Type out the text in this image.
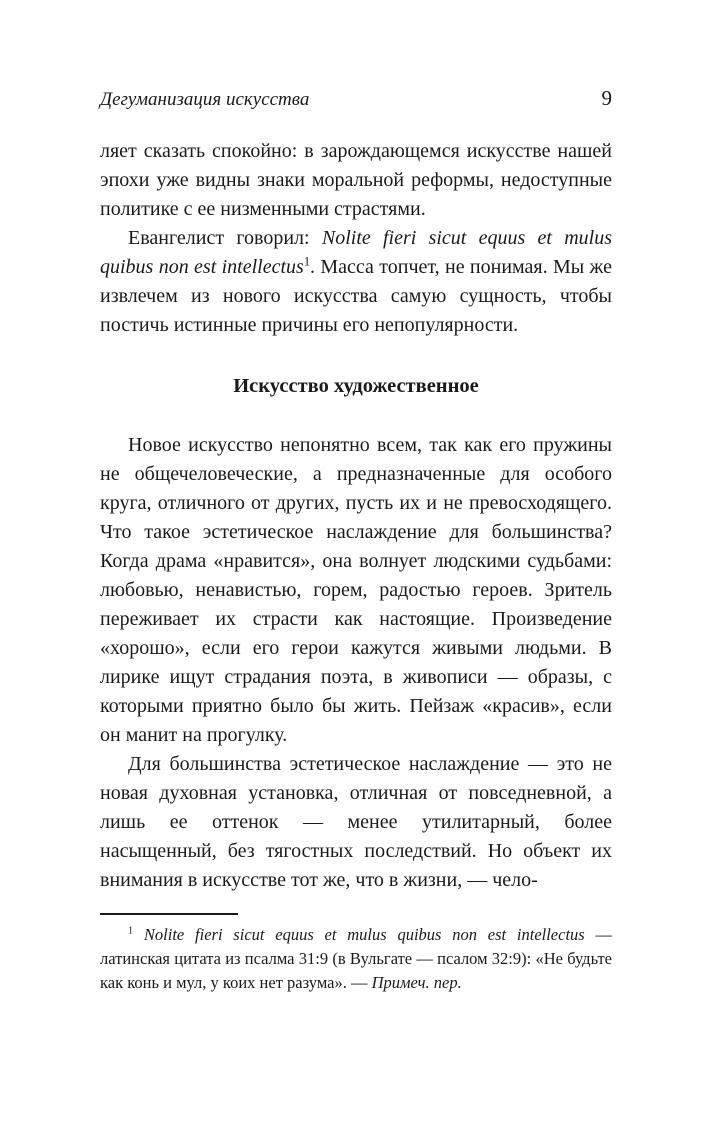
Дегуманизация искусства	9

ляет сказать спокойно: в зарождающемся искусстве нашей эпохи уже видны знаки моральной реформы, недоступные политике с ее низменными страстями.

Евангелист говорил: Nolite fieri sicut equus et mulus quibus non est intellectus$^1$. Масса топчет, не понимая. Мы же извлечем из нового искусства самую сущность, чтобы постичь истинные причины его непопулярности.

Искусство художественное

Новое искусство непонятно всем, так как его пружины не общечеловеческие, а предназначенные для особого круга, отличного от других, пусть их и не превосходящего. Что такое эстетическое наслаждение для большинства? Когда драма «нравится», она волнует людскими судьбами: любовью, ненавистью, горем, радостью героев. Зритель переживает их страсти как настоящие. Произведение «хорошо», если его герои кажутся живыми людьми. В лирике ищут страдания поэта, в живописи — образы, с которыми приятно было бы жить. Пейзаж «красив», если он манит на прогулку.

Для большинства эстетическое наслаждение — это не новая духовная установка, отличная от повседневной, а лишь ее оттенок — менее утилитарный, более насыщенный, без тягостных последствий. Но объект их внимания в искусстве тот же, что в жизни, — чело-

$^1$ Nolite fieri sicut equus et mulus quibus non est intellectus — латинская цитата из псалма 31:9 (в Вульгате — псалом 32:9): «Не будьте как конь и мул, у коих нет разума». — Примеч. пер.
